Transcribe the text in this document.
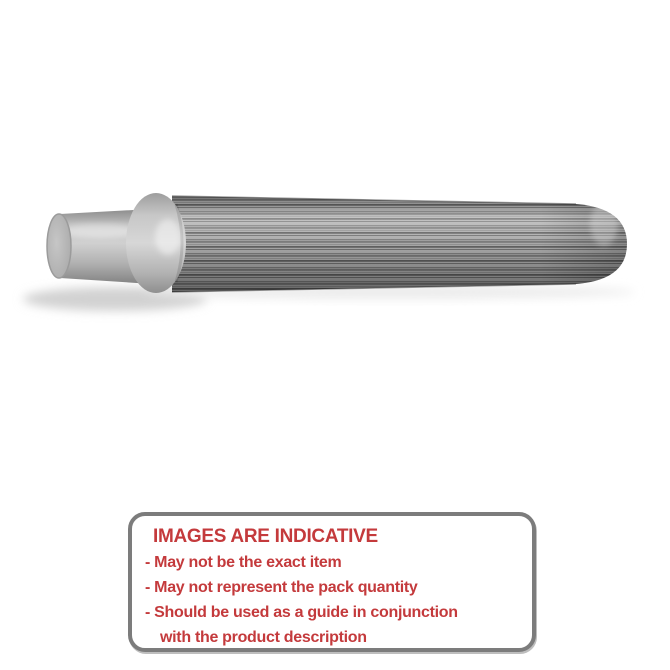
IMAGES ARE INDICATIVE
- May not be the exact item
- May not represent the pack quantity
- Should be used as a guide in conjunction
with the product description
